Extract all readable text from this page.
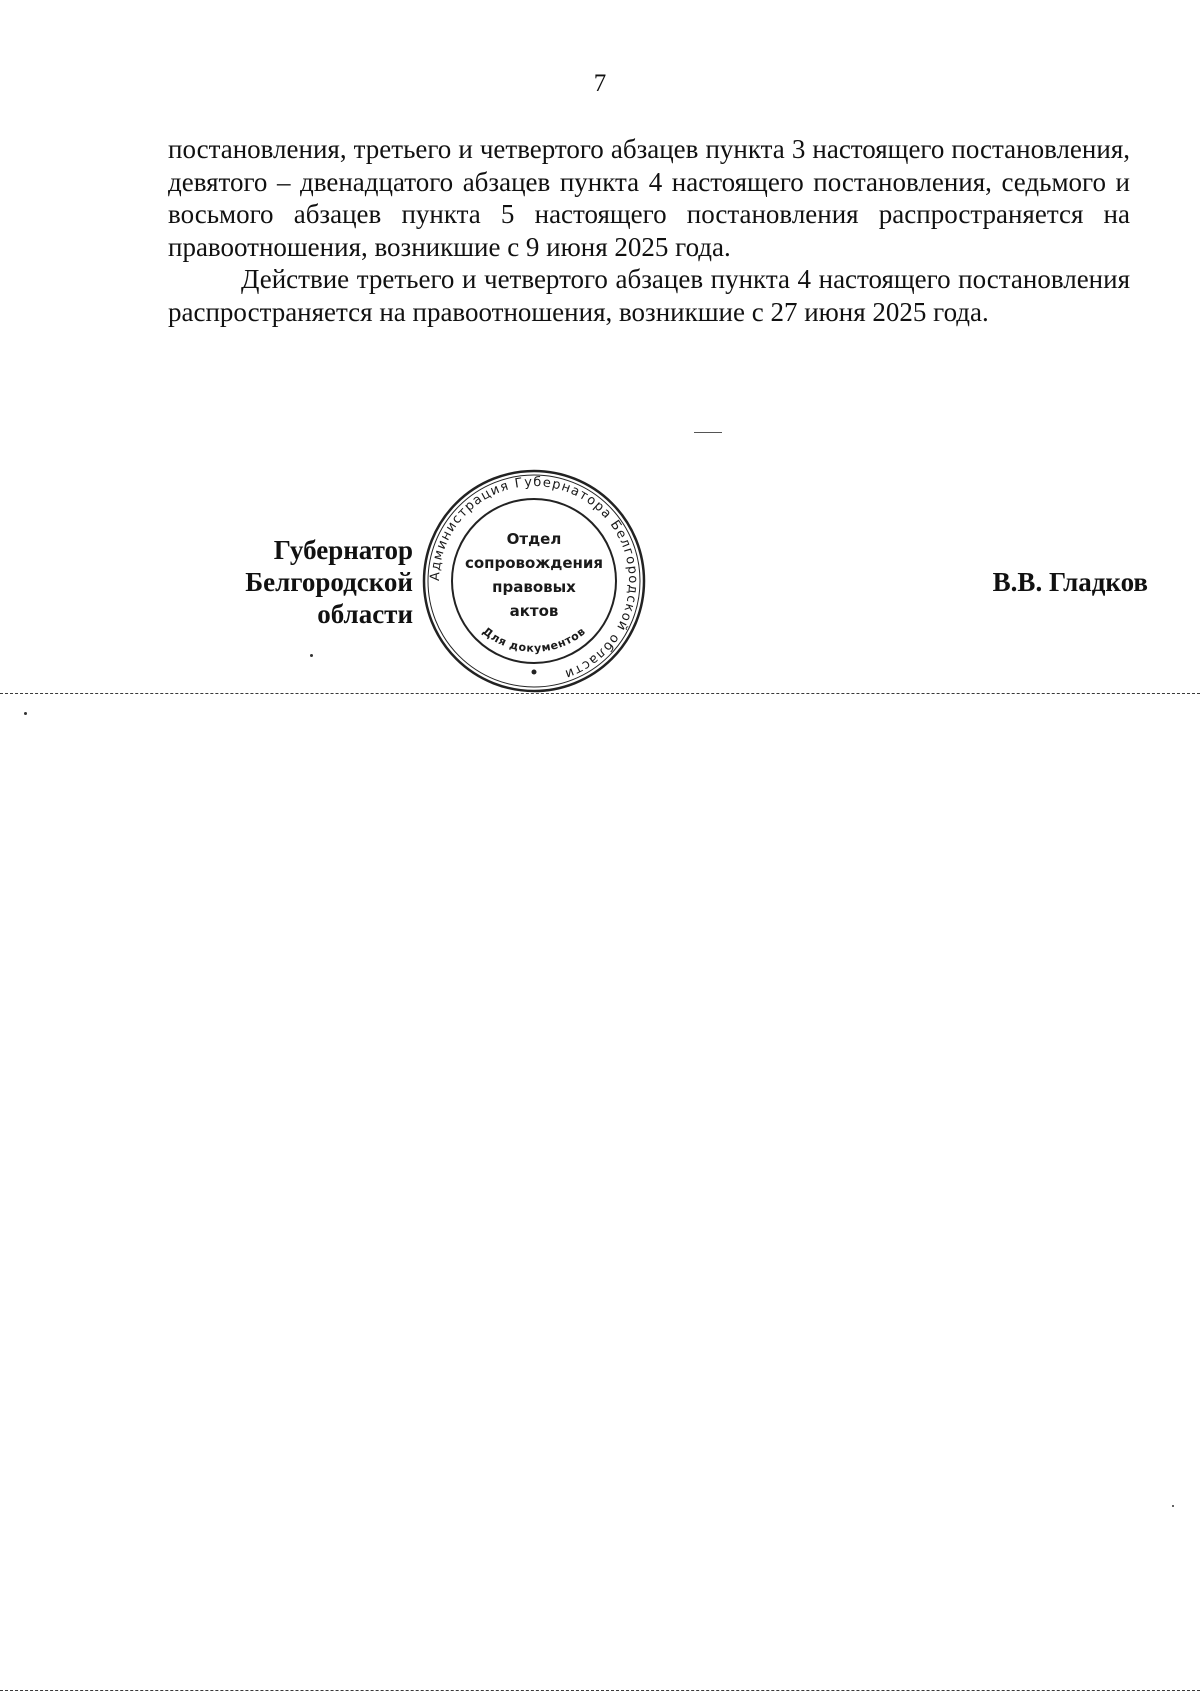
7

постановления, третьего и четвертого абзацев пункта 3 настоящего постановления, девятого – двенадцатого абзацев пункта 4 настоящего постановления, седьмого и восьмого абзацев пункта 5 настоящего постановления распространяется на правоотношения, возникшие с 9 июня 2025 года.

Действие третьего и четвертого абзацев пункта 4 настоящего постановления распространяется на правоотношения, возникшие с 27 июня 2025 года.

Губернатор
Белгородской области
В.В. Гладков
Администрация Губернатора Белгородской области
Для документов
Отдел
сопровождения
правовых
актов
